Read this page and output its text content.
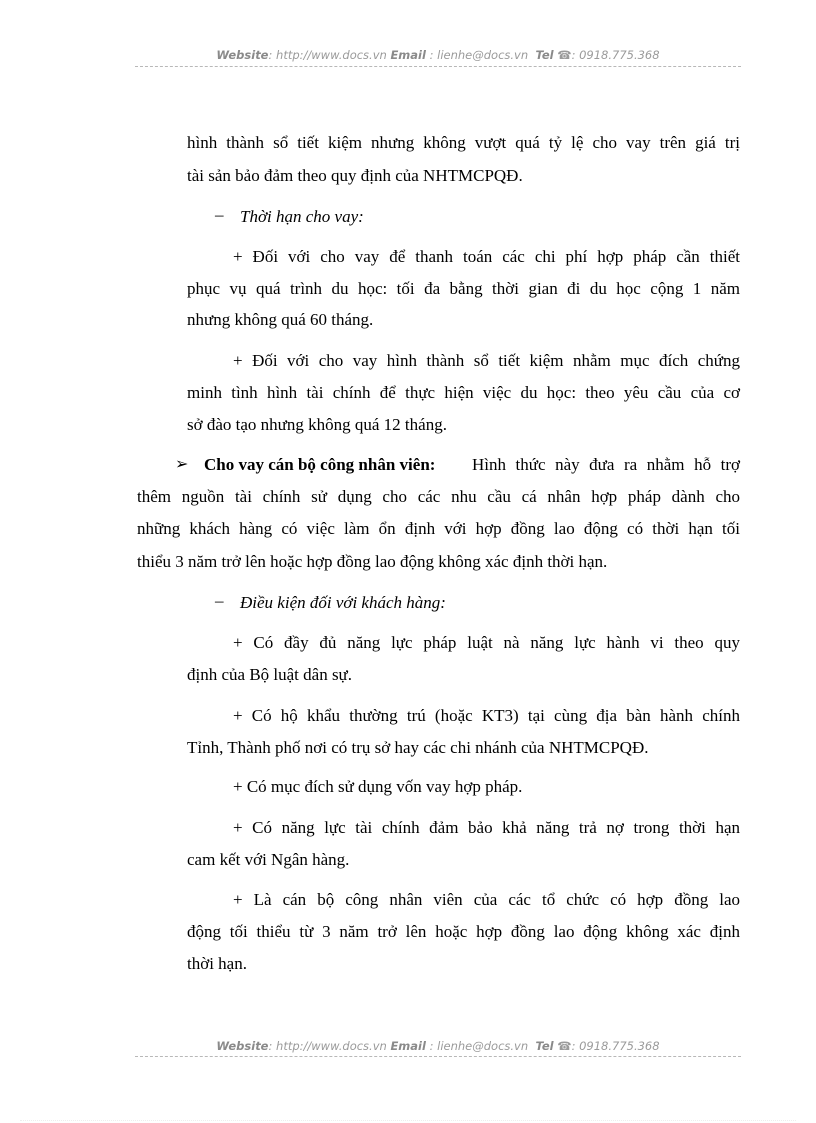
Website: http://www.docs.vn Email : lienhe@docs.vn Tel ☎: 0918.775.368
hình thành sổ tiết kiệm nhưng không vượt quá tỷ lệ cho vay trên giá trị
tài sản bảo đảm theo quy định của NHTMCPQĐ.
– Thời hạn cho vay:
+ Đối với cho vay để thanh toán các chi phí hợp pháp cần thiết
phục vụ quá trình du học: tối đa bằng thời gian đi du học cộng 1 năm
nhưng không quá 60 tháng.
+ Đối với cho vay hình thành sổ tiết kiệm nhằm mục đích chứng
minh tình hình tài chính để thực hiện việc du học: theo yêu cầu của cơ
sở đào tạo nhưng không quá 12 tháng.
➢ Cho vay cán bộ công nhân viên: Hình thức này đưa ra nhằm hỗ trợ
thêm nguồn tài chính sử dụng cho các nhu cầu cá nhân hợp pháp dành cho
những khách hàng có việc làm ổn định với hợp đồng lao động có thời hạn tối
thiểu 3 năm trở lên hoặc hợp đồng lao động không xác định thời hạn.
– Điều kiện đối với khách hàng:
+ Có đầy đủ năng lực pháp luật nà năng lực hành vi theo quy
định của Bộ luật dân sự.
+ Có hộ khẩu thường trú (hoặc KT3) tại cùng địa bàn hành chính
Tỉnh, Thành phố nơi có trụ sở hay các chi nhánh của NHTMCPQĐ.
+ Có mục đích sử dụng vốn vay hợp pháp.
+ Có năng lực tài chính đảm bảo khả năng trả nợ trong thời hạn
cam kết với Ngân hàng.
+ Là cán bộ công nhân viên của các tổ chức có hợp đồng lao
động tối thiểu từ 3 năm trở lên hoặc hợp đồng lao động không xác định
thời hạn.
Website: http://www.docs.vn Email : lienhe@docs.vn Tel ☎: 0918.775.368
